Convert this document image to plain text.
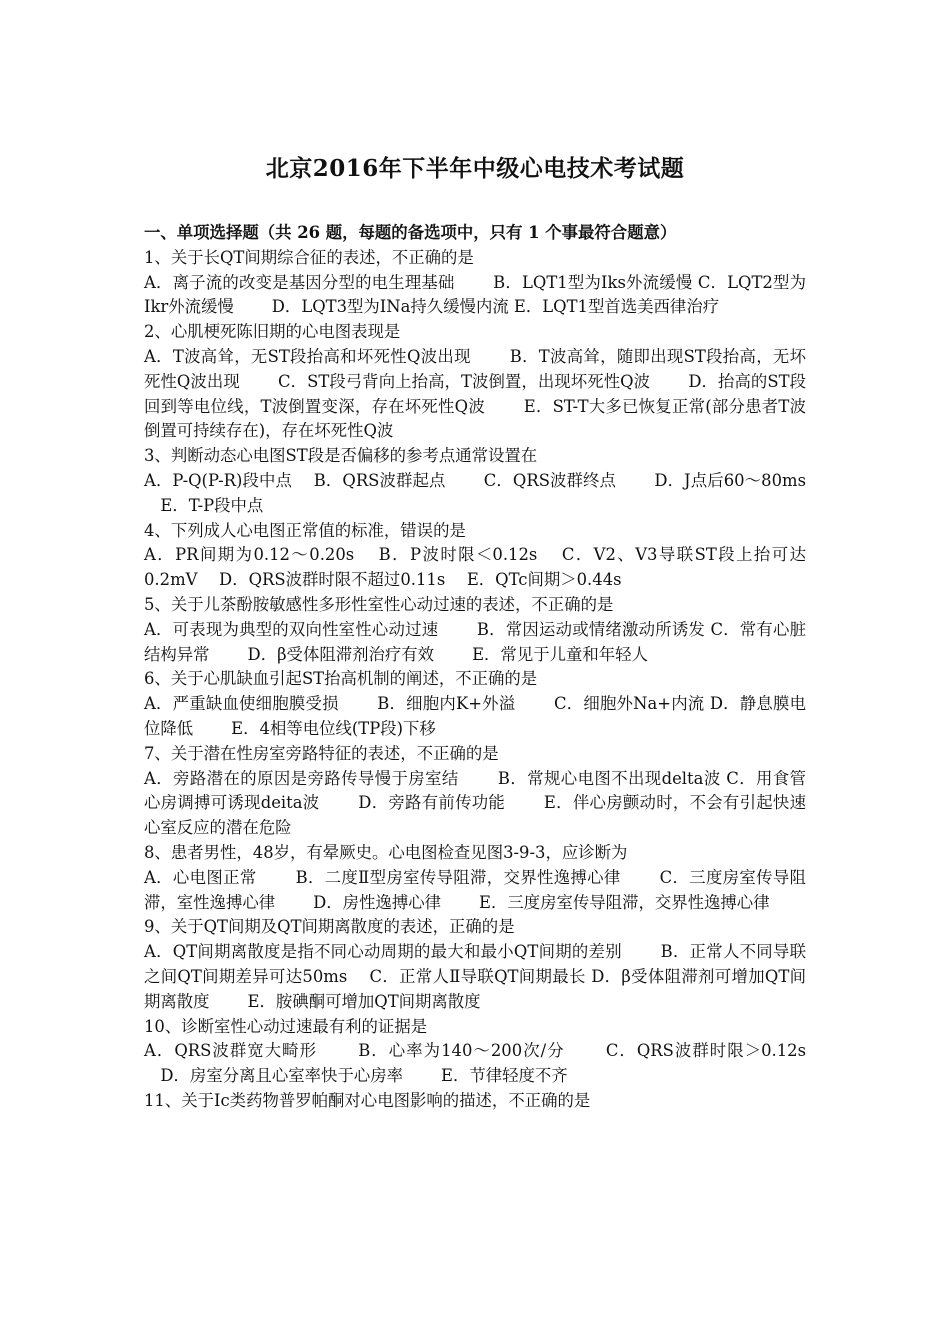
北京2016年下半年中级心电技术考试题

一、单项选择题（共 26 题，每题的备选项中，只有 1 个事最符合题意）

1、关于长QT间期综合征的表述，不正确的是

A．离子流的改变是基因分型的电生理基础 　　B．LQT1型为Iks外流缓慢 C．LQT2型为Ikr外流缓慢 　　D．LQT3型为INa持久缓慢内流 E．LQT1型首选美西律治疗

2、心肌梗死陈旧期的心电图表现是

A．T波高耸，无ST段抬高和坏死性Q波出现 　　B．T波高耸，随即出现ST段抬高，无坏死性Q波出现 　　C．ST段弓背向上抬高，T波倒置，出现坏死性Q波 　　D．抬高的ST段回到等电位线，T波倒置变深，存在坏死性Q波 　　E．ST-T大多已恢复正常(部分患者T波倒置可持续存在)，存在坏死性Q波

3、判断动态心电图ST段是否偏移的参考点通常设置在

A．P-Q(P-R)段中点 　B．QRS波群起点 　　C．QRS波群终点 　　D．J点后60～80ms 　E．T-P段中点

4、下列成人心电图正常值的标准，错误的是

A．PR间期为0.12～0.20s 　B．P波时限＜0.12s 　C．V2、V3导联ST段上抬可达0.2mV 　D．QRS波群时限不超过0.11s 　E．QTc间期＞0.44s

5、关于儿茶酚胺敏感性多形性室性心动过速的表述，不正确的是

A．可表现为典型的双向性室性心动过速 　　B．常因运动或情绪激动所诱发 C．常有心脏结构异常 　　D．β受体阻滞剂治疗有效 　　E．常见于儿童和年轻人

6、关于心肌缺血引起ST抬高机制的阐述，不正确的是

A．严重缺血使细胞膜受损 　　B．细胞内K+外溢 　　C．细胞外Na+内流 D．静息膜电位降低 　　E．4相等电位线(TP段)下移

7、关于潜在性房室旁路特征的表述，不正确的是

A．旁路潜在的原因是旁路传导慢于房室结 　　B．常规心电图不出现delta波 C．用食管心房调搏可诱现deita波 　　D．旁路有前传功能 　　E．伴心房颤动时，不会有引起快速心室反应的潜在危险

8、患者男性，48岁，有晕厥史。心电图检查见图3-9-3，应诊断为

A．心电图正常 　　B．二度Ⅱ型房室传导阻滞，交界性逸搏心律 　　C．三度房室传导阻滞，室性逸搏心律 　　D．房性逸搏心律 　　E．三度房室传导阻滞，交界性逸搏心律

9、关于QT间期及QT间期离散度的表述，正确的是

A．QT间期离散度是指不同心动周期的最大和最小QT间期的差别 　　B．正常人不同导联之间QT间期差异可达50ms 　C．正常人Ⅱ导联QT间期最长 D．β受体阻滞剂可增加QT间期离散度 　　E．胺碘酮可增加QT间期离散度

10、诊断室性心动过速最有利的证据是

A．QRS波群宽大畸形 　　B．心率为140～200次/分 　　C．QRS波群时限＞0.12s 　D．房室分离且心室率快于心房率 　　E．节律轻度不齐

11、关于Ⅰc类药物普罗帕酮对心电图影响的描述，不正确的是
